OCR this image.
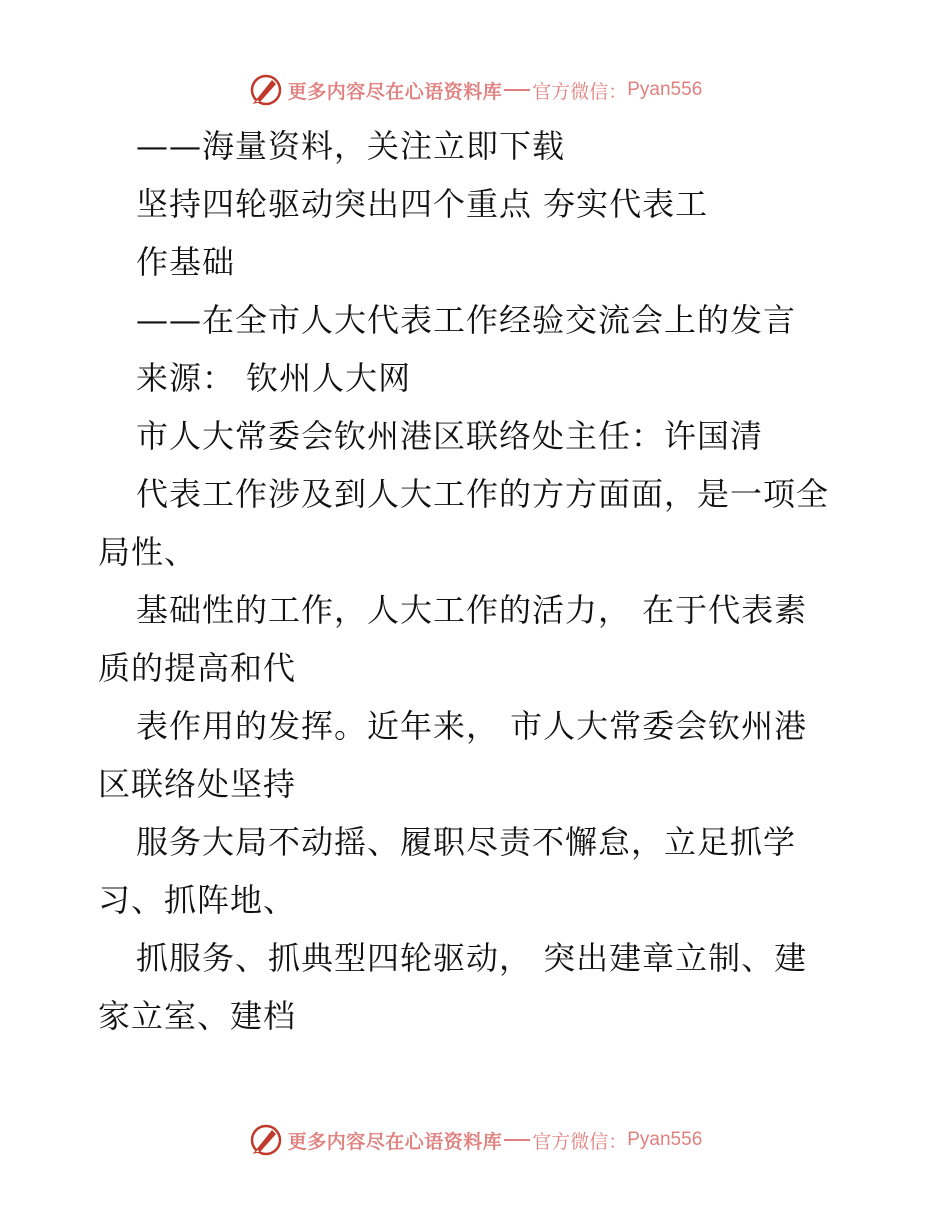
更多内容尽在心语资料库 官方微信： Pyan556

——海量资料，关注立即下载

坚持四轮驱动突出四个重点 夯实代表工

作基础

——在全市人大代表工作经验交流会上的发言

来源： 钦州人大网

市人大常委会钦州港区联络处主任：许国清

代表工作涉及到人大工作的方方面面，是一项全

局性、

基础性的工作，人大工作的活力， 在于代表素

质的提高和代

表作用的发挥。近年来， 市人大常委会钦州港

区联络处坚持

服务大局不动摇、履职尽责不懈怠，立足抓学

习、抓阵地、

抓服务、抓典型四轮驱动， 突出建章立制、建

家立室、建档

更多内容尽在心语资料库 官方微信： Pyan556
